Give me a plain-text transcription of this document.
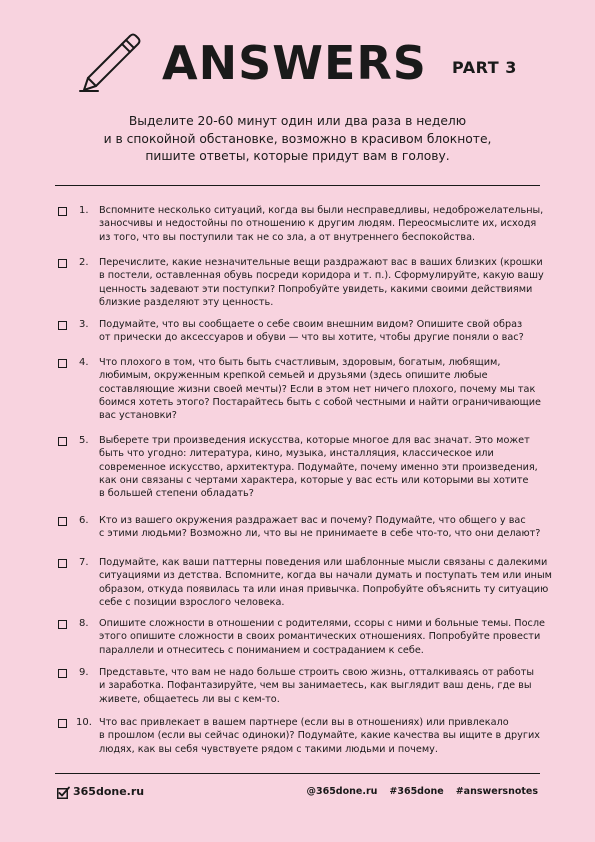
ANSWERS PART 3
Выделите 20-60 минут один или два раза в неделю
и в спокойной обстановке, возможно в красивом блокноте,
пишите ответы, которые придут вам в голову.
1. Вспомните несколько ситуаций, когда вы были несправедливы, недоброжелательны,
заносчивы и недостойны по отношению к другим людям. Переосмыслите их, исходя
из того, что вы поступили так не со зла, а от внутреннего беспокойства.
2. Перечислите, какие незначительные вещи раздражают вас в ваших близких (крошки
в постели, оставленная обувь посреди коридора и т. п.). Сформулируйте, какую вашу
ценность задевают эти поступки? Попробуйте увидеть, какими своими действиями
близкие разделяют эту ценность.
3. Подумайте, что вы сообщаете о себе своим внешним видом? Опишите свой образ
от прически до аксессуаров и обуви — что вы хотите, чтобы другие поняли о вас?
4. Что плохого в том, что быть быть счастливым, здоровым, богатым, любящим,
любимым, окруженным крепкой семьей и друзьями (здесь опишите любые
составляющие жизни своей мечты)? Если в этом нет ничего плохого, почему мы так
боимся хотеть этого? Постарайтесь быть с собой честными и найти ограничивающие
вас установки?
5. Выберете три произведения искусства, которые многое для вас значат. Это может
быть что угодно: литература, кино, музыка, инсталляция, классическое или
современное искусство, архитектура. Подумайте, почему именно эти произведения,
как они связаны с чертами характера, которые у вас есть или которыми вы хотите
в большей степени обладать?
6. Кто из вашего окружения раздражает вас и почему? Подумайте, что общего у вас
с этими людьми? Возможно ли, что вы не принимаете в себе что-то, что они делают?
7. Подумайте, как ваши паттерны поведения или шаблонные мысли связаны с далекими
ситуациями из детства. Вспомните, когда вы начали думать и поступать тем или иным
образом, откуда появилась та или иная привычка. Попробуйте объяснить ту ситуацию
себе с позиции взрослого человека.
8. Опишите сложности в отношении с родителями, ссоры с ними и больные темы. После
этого опишите сложности в своих романтических отношениях. Попробуйте провести
параллели и отнеситесь с пониманием и состраданием к себе.
9. Представьте, что вам не надо больше строить свою жизнь, отталкиваясь от работы
и заработка. Пофантазируйте, чем вы занимаетесь, как выглядит ваш день, где вы
живете, общаетесь ли вы с кем-то.
10. Что вас привлекает в вашем партнере (если вы в отношениях) или привлекало
в прошлом (если вы сейчас одиноки)? Подумайте, какие качества вы ищите в других
людях, как вы себя чувствуете рядом с такими людьми и почему.
365done.ru	@365done.ru #365done #answersnotes
